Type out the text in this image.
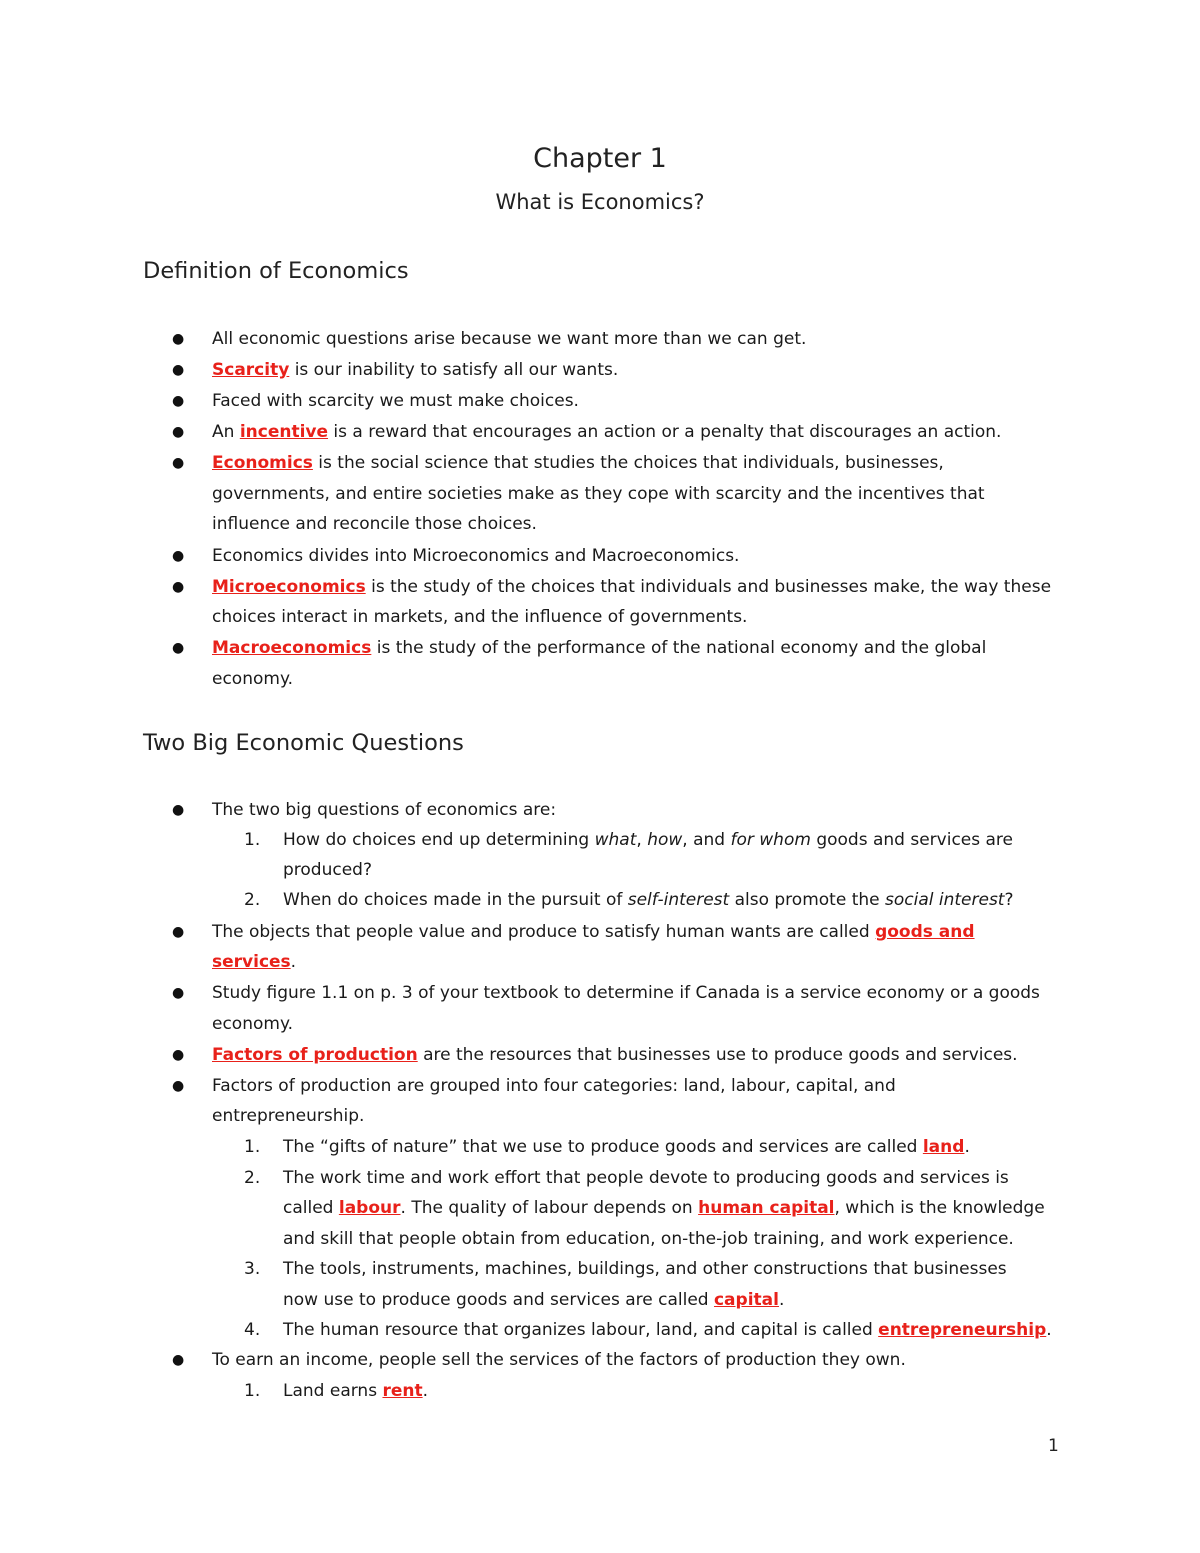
Chapter 1
What is Economics?
Definition of Economics
● All economic questions arise because we want more than we can get.
● Scarcity is our inability to satisfy all our wants.
● Faced with scarcity we must make choices.
● An incentive is a reward that encourages an action or a penalty that discourages an action.
● Economics is the social science that studies the choices that individuals, businesses,
governments, and entire societies make as they cope with scarcity and the incentives that
influence and reconcile those choices.
● Economics divides into Microeconomics and Macroeconomics.
● Microeconomics is the study of the choices that individuals and businesses make, the way these
choices interact in markets, and the influence of governments.
● Macroeconomics is the study of the performance of the national economy and the global
economy.
Two Big Economic Questions
● The two big questions of economics are:
1. How do choices end up determining what, how, and for whom goods and services are
produced?
2. When do choices made in the pursuit of self-interest also promote the social interest?
● The objects that people value and produce to satisfy human wants are called goods and
services.
● Study figure 1.1 on p. 3 of your textbook to determine if Canada is a service economy or a goods
economy.
● Factors of production are the resources that businesses use to produce goods and services.
● Factors of production are grouped into four categories: land, labour, capital, and
entrepreneurship.
1. The “gifts of nature” that we use to produce goods and services are called land.
2. The work time and work effort that people devote to producing goods and services is
called labour. The quality of labour depends on human capital, which is the knowledge
and skill that people obtain from education, on-the-job training, and work experience.
3. The tools, instruments, machines, buildings, and other constructions that businesses
now use to produce goods and services are called capital.
4. The human resource that organizes labour, land, and capital is called entrepreneurship.
● To earn an income, people sell the services of the factors of production they own.
1. Land earns rent.
1
